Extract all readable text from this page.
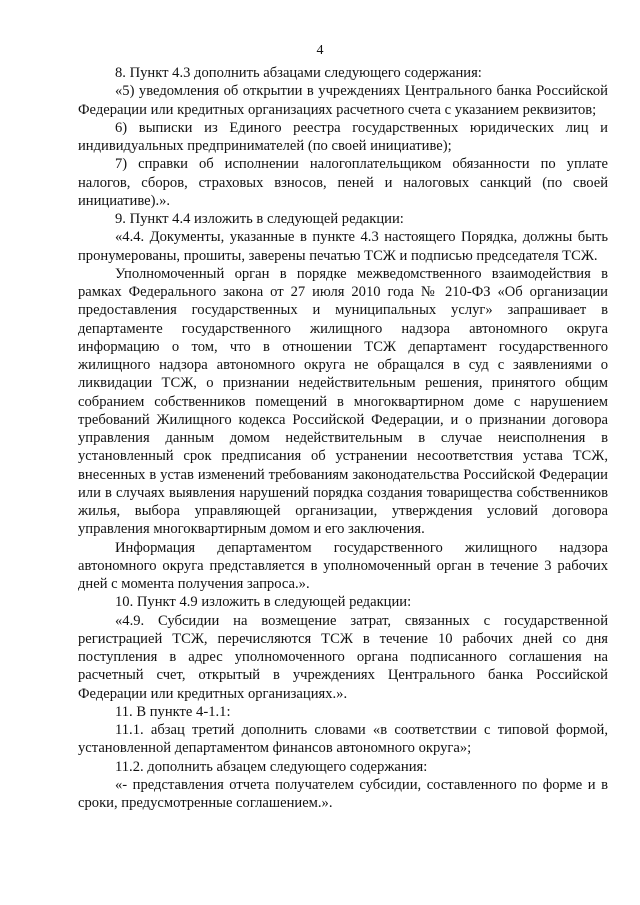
4

8. Пункт 4.3 дополнить абзацами следующего содержания:

«5) уведомления об открытии в учреждениях Центрального банка Российской Федерации или кредитных организациях расчетного счета с указанием реквизитов;

6) выписки из Единого реестра государственных юридических лиц и индивидуальных предпринимателей (по своей инициативе);

7) справки об исполнении налогоплательщиком обязанности по уплате налогов, сборов, страховых взносов, пеней и налоговых санкций (по своей инициативе).».

9. Пункт 4.4 изложить в следующей редакции:

«4.4. Документы, указанные в пункте 4.3 настоящего Порядка, должны быть пронумерованы, прошиты, заверены печатью ТСЖ и подписью председателя ТСЖ.

Уполномоченный орган в порядке межведомственного взаимодействия в рамках Федерального закона от 27 июля 2010 года № 210-ФЗ «Об организации предоставления государственных и муниципальных услуг» запрашивает в департаменте государственного жилищного надзора автономного округа информацию о том, что в отношении ТСЖ департамент государственного жилищного надзора автономного округа не обращался в суд с заявлениями о ликвидации ТСЖ, о признании недействительным решения, принятого общим собранием собственников помещений в многоквартирном доме с нарушением требований Жилищного кодекса Российской Федерации, и о признании договора управления данным домом недействительным в случае неисполнения в установленный срок предписания об устранении несоответствия устава ТСЖ, внесенных в устав изменений требованиям законодательства Российской Федерации или в случаях выявления нарушений порядка создания товарищества собственников жилья, выбора управляющей организации, утверждения условий договора управления многоквартирным домом и его заключения.

Информация департаментом государственного жилищного надзора автономного округа представляется в уполномоченный орган в течение 3 рабочих дней с момента получения запроса.».

10. Пункт 4.9 изложить в следующей редакции:

«4.9. Субсидии на возмещение затрат, связанных с государственной регистрацией ТСЖ, перечисляются ТСЖ в течение 10 рабочих дней со дня поступления в адрес уполномоченного органа подписанного соглашения на расчетный счет, открытый в учреждениях Центрального банка Российской Федерации или кредитных организациях.».

11. В пункте 4-1.1:

11.1. абзац третий дополнить словами «в соответствии с типовой формой, установленной департаментом финансов автономного округа»;

11.2. дополнить абзацем следующего содержания:

«- представления отчета получателем субсидии, составленного по форме и в сроки, предусмотренные соглашением.».
